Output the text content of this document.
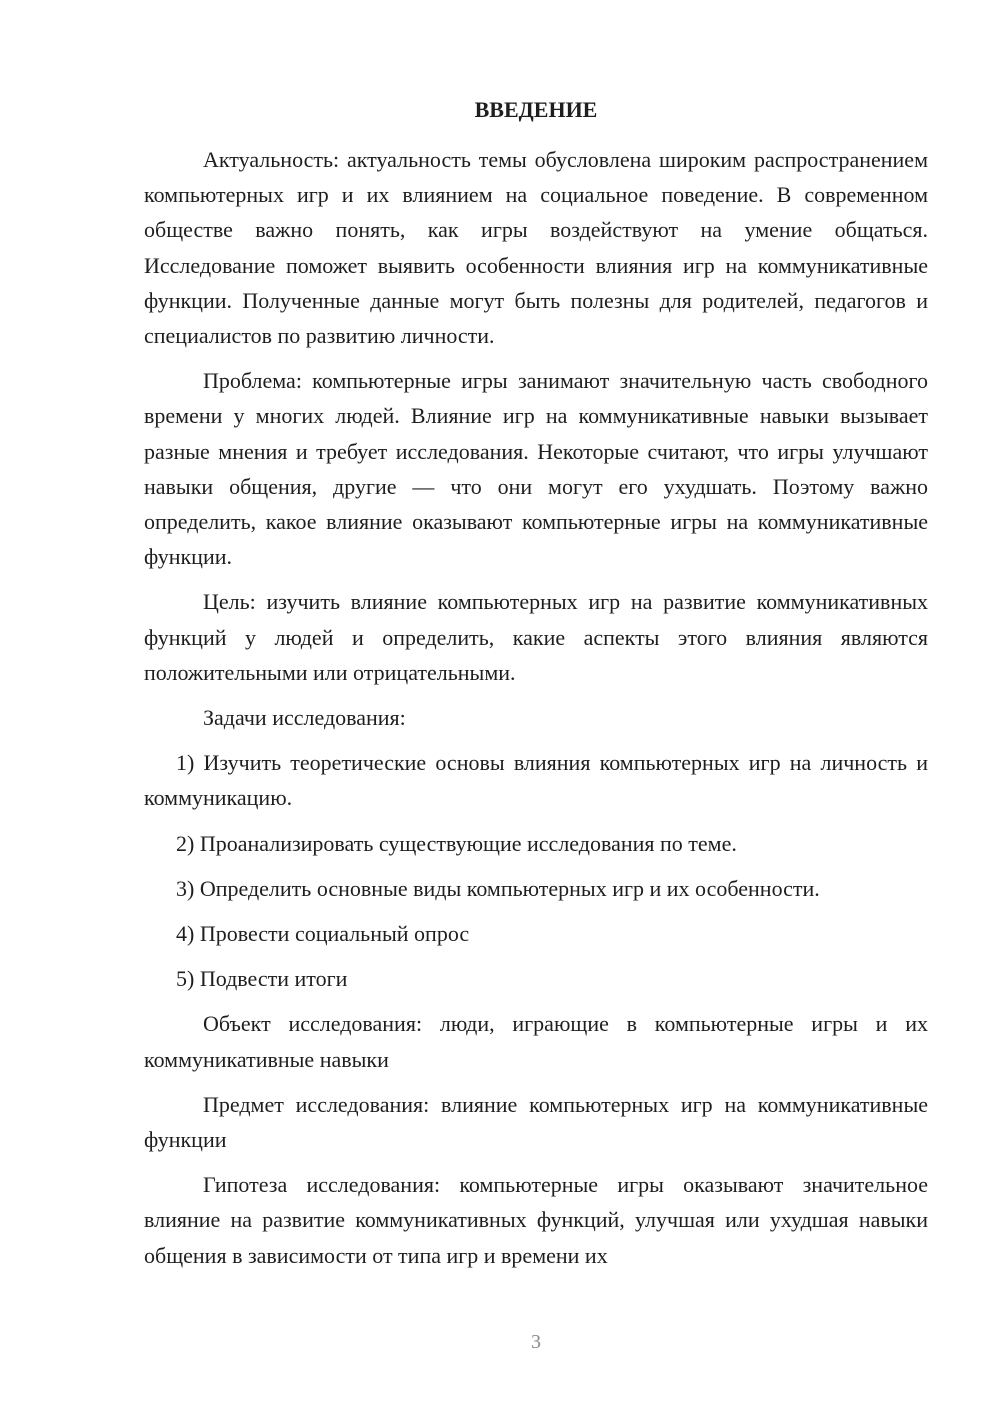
ВВЕДЕНИЕ

Актуальность: актуальность темы обусловлена широким распространением компьютерных игр и их влиянием на социальное поведение. В современном обществе важно понять, как игры воздействуют на умение общаться. Исследование поможет выявить особенности влияния игр на коммуникативные функции. Полученные данные могут быть полезны для родителей, педагогов и специалистов по развитию личности.

Проблема: компьютерные игры занимают значительную часть свободного времени у многих людей. Влияние игр на коммуникативные навыки вызывает разные мнения и требует исследования. Некоторые считают, что игры улучшают навыки общения, другие — что они могут его ухудшать. Поэтому важно определить, какое влияние оказывают компьютерные игры на коммуникативные функции.

Цель: изучить влияние компьютерных игр на развитие коммуникативных функций у людей и определить, какие аспекты этого влияния являются положительными или отрицательными.

Задачи исследования:

1) Изучить теоретические основы влияния компьютерных игр на личность и коммуникацию.

2) Проанализировать существующие исследования по теме.

3) Определить основные виды компьютерных игр и их особенности.

4) Провести социальный опрос

5) Подвести итоги

Объект исследования: люди, играющие в компьютерные игры и их коммуникативные навыки

Предмет исследования: влияние компьютерных игр на коммуникативные функции

Гипотеза исследования: компьютерные игры оказывают значительное влияние на развитие коммуникативных функций, улучшая или ухудшая навыки общения в зависимости от типа игр и времени их

3
